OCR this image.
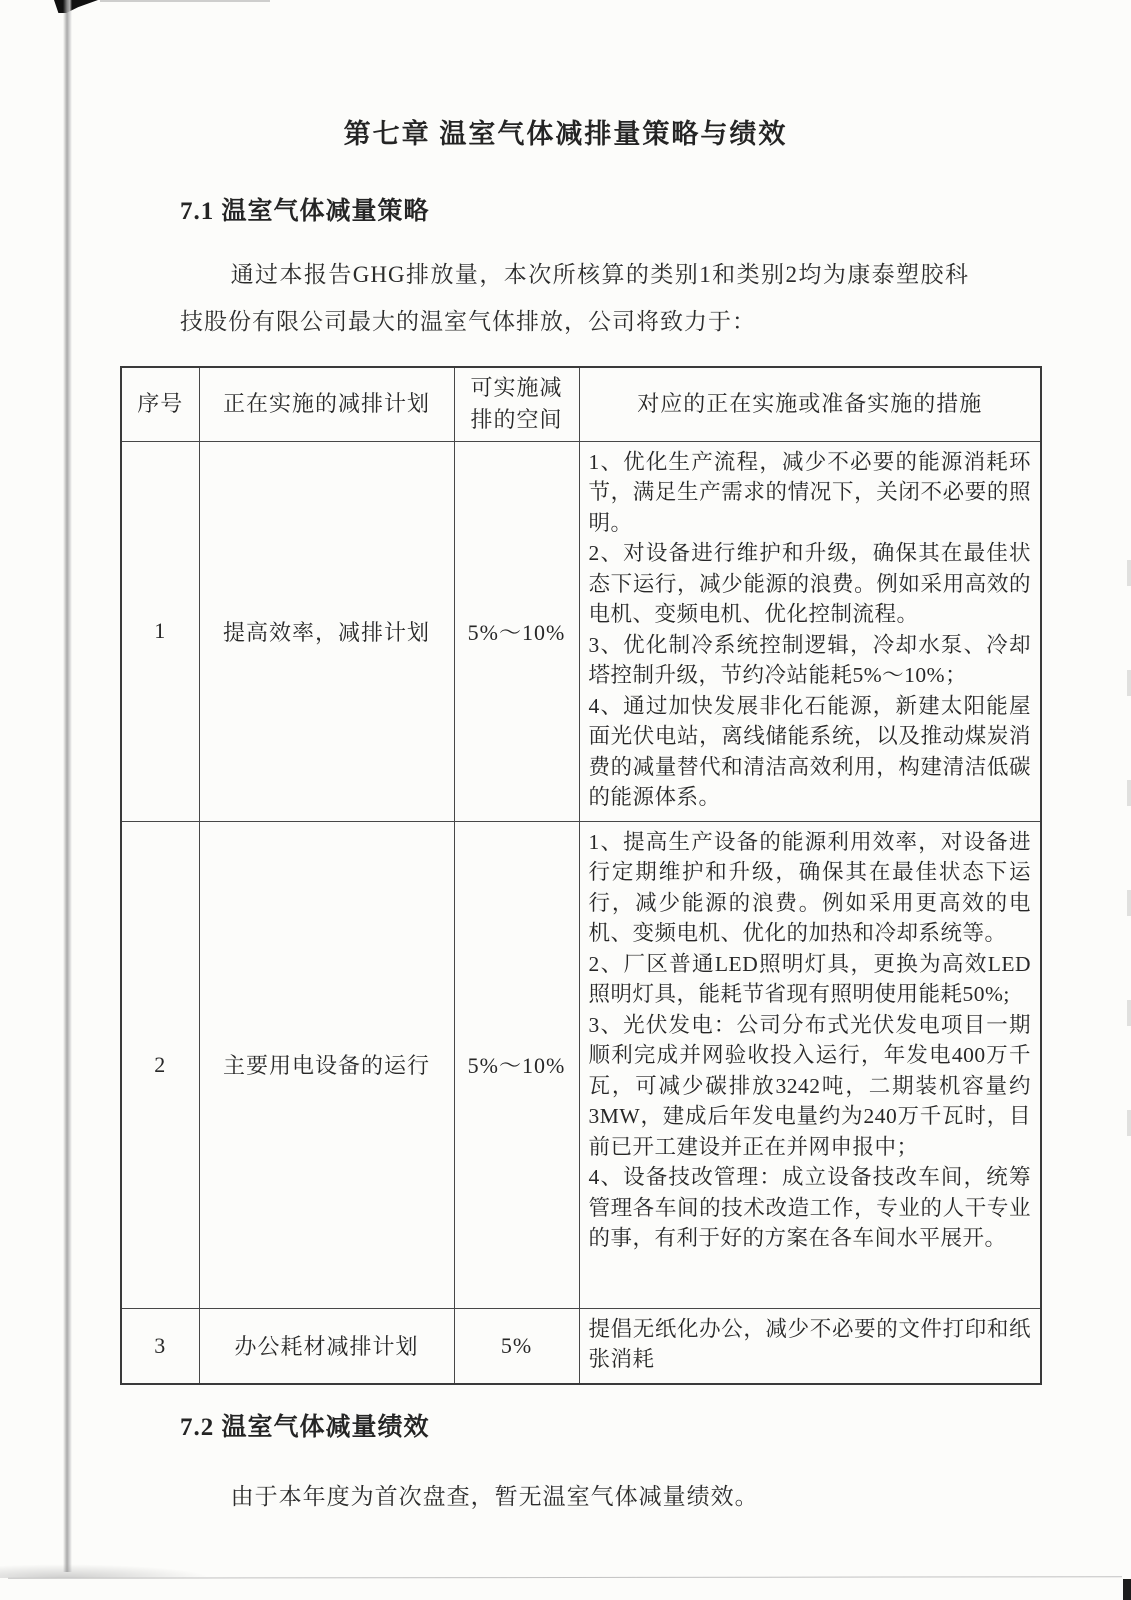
第七章 温室气体减排量策略与绩效
7.1 温室气体减量策略

通过本报告GHG排放量，本次所核算的类别1和类别2均为康泰塑胶科技股份有限公司最大的温室气体排放，公司将致力于：

序号	正在实施的减排计划	可实施减排的空间	对应的正在实施或准备实施的措施
1	提高效率，减排计划	5%～10%	1、优化生产流程，减少不必要的能源消耗环节，满足生产需求的情况下，关闭不必要的照明。
2、对设备进行维护和升级，确保其在最佳状态下运行，减少能源的浪费。例如采用高效的电机、变频电机、优化控制流程。
3、优化制冷系统控制逻辑，冷却水泵、冷却塔控制升级，节约冷站能耗5%～10%；
4、通过加快发展非化石能源，新建太阳能屋面光伏电站，离线储能系统，以及推动煤炭消费的减量替代和清洁高效利用，构建清洁低碳的能源体系。

2	主要用电设备的运行	5%～10%	1、提高生产设备的能源利用效率，对设备进行定期维护和升级，确保其在最佳状态下运行，减少能源的浪费。例如采用更高效的电机、变频电机、优化的加热和冷却系统等。
2、厂区普通LED照明灯具，更换为高效LED照明灯具，能耗节省现有照明使用能耗50%;
3、光伏发电：公司分布式光伏发电项目一期顺利完成并网验收投入运行，年发电400万千瓦，可减少碳排放3242吨，二期装机容量约3MW，建成后年发电量约为240万千瓦时，目前已开工建设并正在并网申报中；
4、设备技改管理：成立设备技改车间，统筹管理各车间的技术改造工作，专业的人干专业的事，有利于好的方案在各车间水平展开。

3	办公耗材减排计划	5%	提倡无纸化办公，减少不必要的文件打印和纸张消耗
7.2 温室气体减量绩效

由于本年度为首次盘查，暂无温室气体减量绩效。
